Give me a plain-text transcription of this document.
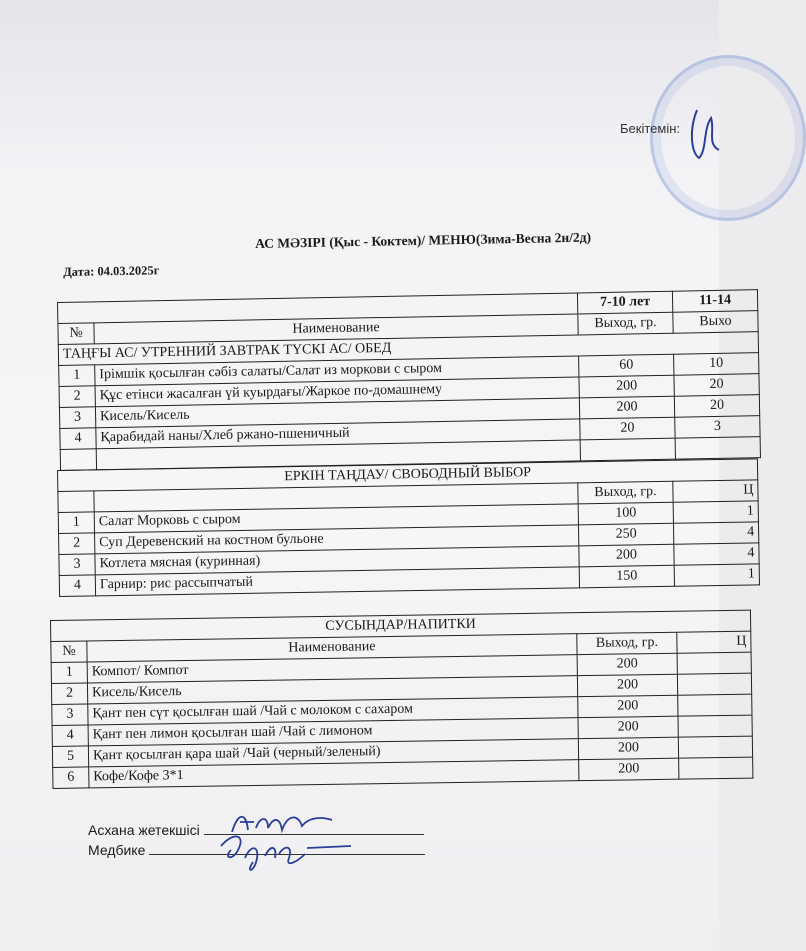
Бекітемін:
АС МӘЗІРІ (Қыс - Коктем)/ МЕНЮ(Зима-Весна 2н/2д)
Дата: 04.03.2025г
		7-10 лет	11-14
№	Наименование	Выход, гр.	Выхо
ТАҢҒЫ АС/ УТРЕННИЙ ЗАВТРАК ТҮСКІ АС/ ОБЕД			
1	Ірімшік қосылған сәбіз салаты/Салат из моркови с сыром	60	10
2	Құс етінси жасалған үй куырдағы/Жаркое по-домашнему	200	20
3	Кисель/Кисель	200	20
4	Қарабидай наны/Хлеб ржано-пшеничный	20	3

ЕРКІН ТАҢДАУ/ СВОБОДНЫЙ ВЫБОР			
		Выход, гр.	Ц
1	Салат Морковь с сыром	100	1
2	Суп Деревенский на костном бульоне	250	4
3	Котлета мясная (куринная)	200	4
4	Гарнир: рис рассыпчатый	150	1
СУСЫНДАР/НАПИТКИ			
№	Наименование	Выход, гр.	Ц
1	Компот/ Компот	200	
2	Кисель/Кисель	200	
3	Қант пен сүт қосылған шай /Чай с молоком с сахаром	200	
4	Қант пен лимон қосылған шай /Чай с лимоном	200	
5	Қант қосылған қара шай /Чай (черный/зеленый)	200	
6	Кофе/Кофе 3*1	200	
Асхана жетекшісі
Медбике
